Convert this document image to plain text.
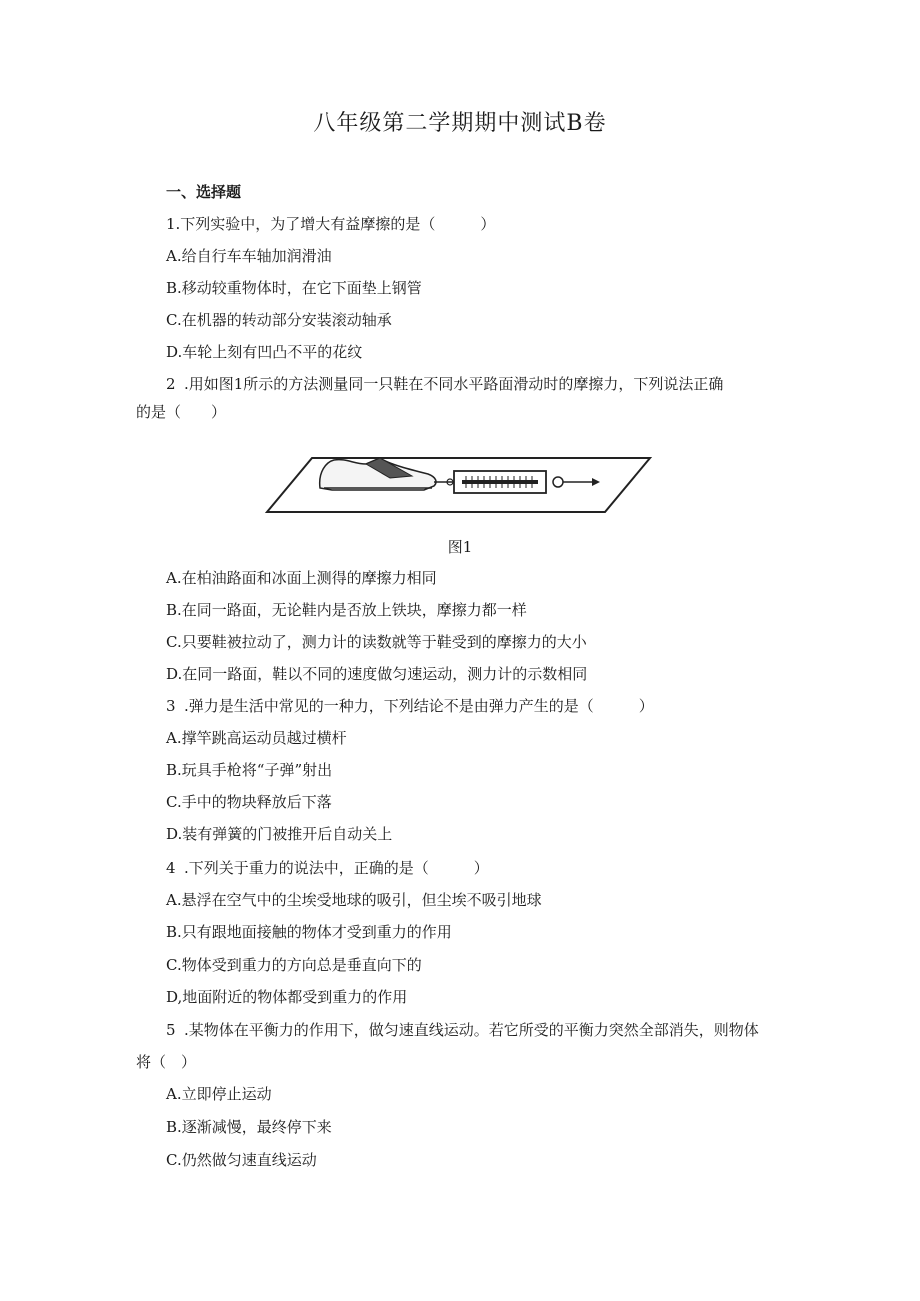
八年级第二学期期中测试B卷
一、选择题
1.下列实验中，为了增大有益摩擦的是（　　　）
A.给自行车车轴加润滑油
B.移动较重物体时，在它下面垫上钢管
C.在机器的转动部分安装滚动轴承
D.车轮上刻有凹凸不平的花纹
2 .用如图1所示的方法测量同一只鞋在不同水平路面滑动时的摩擦力，下列说法正确
的是（　　）
图1
A.在柏油路面和冰面上测得的摩擦力相同
B.在同一路面，无论鞋内是否放上铁块，摩擦力都一样
C.只要鞋被拉动了，测力计的读数就等于鞋受到的摩擦力的大小
D.在同一路面，鞋以不同的速度做匀速运动，测力计的示数相同
3 .弹力是生活中常见的一种力，下列结论不是由弹力产生的是（　　　）
A.撑竿跳高运动员越过横杆
B.玩具手枪将“子弹”射出
C.手中的物块释放后下落
D.装有弹簧的门被推开后自动关上
4 .下列关于重力的说法中，正确的是（　　　）
A.悬浮在空气中的尘埃受地球的吸引，但尘埃不吸引地球
B.只有跟地面接触的物体才受到重力的作用
C.物体受到重力的方向总是垂直向下的
D,地面附近的物体都受到重力的作用
5 .某物体在平衡力的作用下，做匀速直线运动。若它所受的平衡力突然全部消失，则物体
将（　）
A.立即停止运动
B.逐渐减慢，最终停下来
C.仍然做匀速直线运动
